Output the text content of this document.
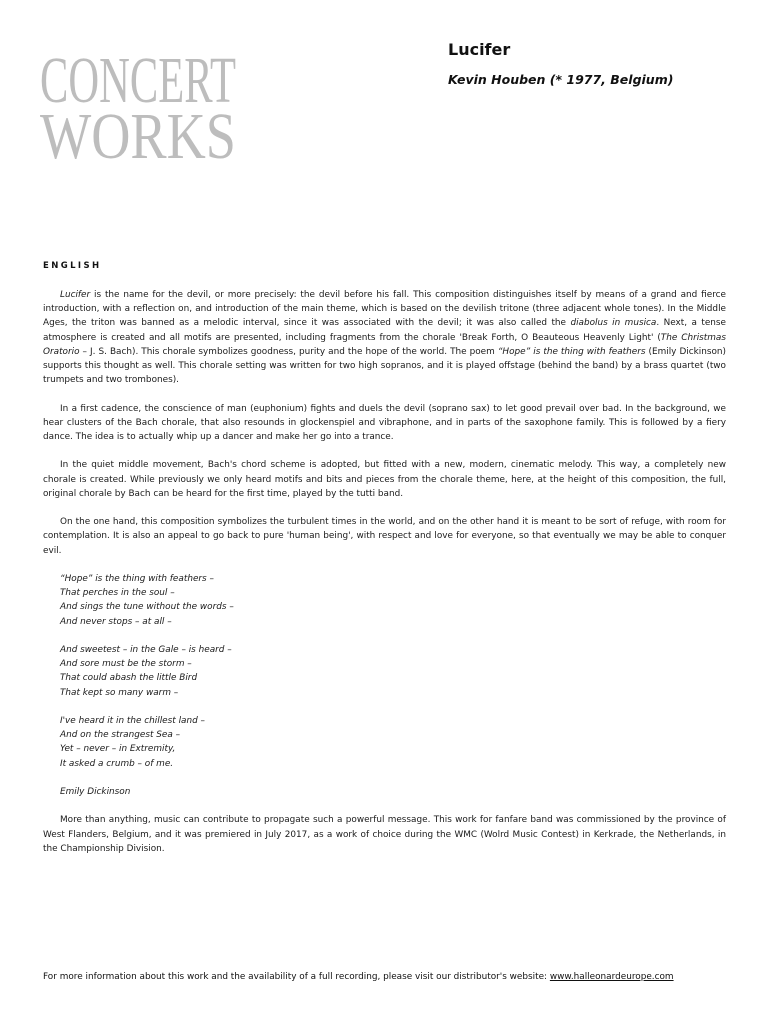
CONCERT
WORKS
Lucifer

Kevin Houben (* 1977, Belgium)

ENGLISH

Lucifer is the name for the devil, or more precisely: the devil before his fall. This composition distinguishes itself by means of a grand and fierce introduction, with a reflection on, and introduction of the main theme, which is based on the devilish tritone (three adjacent whole tones). In the Middle Ages, the triton was banned as a melodic interval, since it was associated with the devil; it was also called the diabolus in musica. Next, a tense atmosphere is created and all motifs are presented, including fragments from the chorale 'Break Forth, O Beauteous Heavenly Light' (The Christmas Oratorio – J. S. Bach). This chorale symbolizes goodness, purity and the hope of the world. The poem “Hope” is the thing with feathers (Emily Dickinson) supports this thought as well. This chorale setting was written for two high sopranos, and it is played offstage (behind the band) by a brass quartet (two trumpets and two trombones).

In a first cadence, the conscience of man (euphonium) fights and duels the devil (soprano sax) to let good prevail over bad. In the background, we hear clusters of the Bach chorale, that also resounds in glockenspiel and vibraphone, and in parts of the saxophone family. This is followed by a fiery dance. The idea is to actually whip up a dancer and make her go into a trance.

In the quiet middle movement, Bach's chord scheme is adopted, but fitted with a new, modern, cinematic melody. This way, a completely new chorale is created. While previously we only heard motifs and bits and pieces from the chorale theme, here, at the height of this composition, the full, original chorale by Bach can be heard for the first time, played by the tutti band.

On the one hand, this composition symbolizes the turbulent times in the world, and on the other hand it is meant to be sort of refuge, with room for contemplation. It is also an appeal to go back to pure 'human being', with respect and love for everyone, so that eventually we may be able to conquer evil.

“Hope” is the thing with feathers –
That perches in the soul –
And sings the tune without the words –
And never stops – at all –
And sweetest – in the Gale – is heard –
And sore must be the storm –
That could abash the little Bird
That kept so many warm –
I've heard it in the chillest land –
And on the strangest Sea –
Yet – never – in Extremity,
It asked a crumb – of me.
Emily Dickinson

More than anything, music can contribute to propagate such a powerful message. This work for fanfare band was commissioned by the province of West Flanders, Belgium, and it was premiered in July 2017, as a work of choice during the WMC (Wolrd Music Contest) in Kerkrade, the Netherlands, in the Championship Division.

For more information about this work and the availability of a full recording, please visit our distributor's website: www.halleonardeurope.com
